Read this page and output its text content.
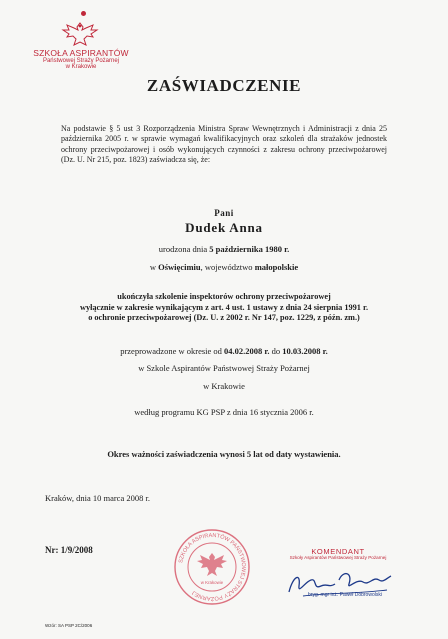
SZKOŁA ASPIRANTÓW
Państwowej Straży Pożarnej
w Krakowie
ZAŚWIADCZENIE
Na podstawie § 5 ust 3 Rozporządzenia Ministra Spraw Wewnętrznych i Administracji z dnia 25 października 2005 r. w sprawie wymagań kwalifikacyjnych oraz szkoleń dla strażaków jednostek ochrony przeciwpożarowej i osób wykonujących czynności z zakresu ochrony przeciwpożarowej (Dz. U. Nr 215, poz. 1823) zaświadcza się, że:
Pani
Dudek Anna
urodzona dnia 5 października 1980 r.
w Oświęcimiu, województwo małopolskie
ukończyła szkolenie inspektorów ochrony przeciwpożarowej
wyłącznie w zakresie wynikającym z art. 4 ust. 1 ustawy z dnia 24 sierpnia 1991 r.
o ochronie przeciwpożarowej (Dz. U. z 2002 r. Nr 147, poz. 1229, z późn. zm.)
przeprowadzone w okresie od 04.02.2008 r. do 10.03.2008 r.
w Szkole Aspirantów Państwowej Straży Pożarnej
w Krakowie
według programu KG PSP z dnia 16 stycznia 2006 r.
Okres ważności zaświadczenia wynosi 5 lat od daty wystawienia.
Kraków, dnia 10 marca 2008 r.
Nr: 1/9/2008
SZKOŁA ASPIRANTÓW PAŃSTWOWEJ STRAŻY POŻARNEJ
w Krakowie
KOMENDANT
Szkoły Aspirantów Państwowej Straży Pożarnej
bryg. mgr inż. Paweł Dobrowolski
Wzór: SA PSP 2C/2006
